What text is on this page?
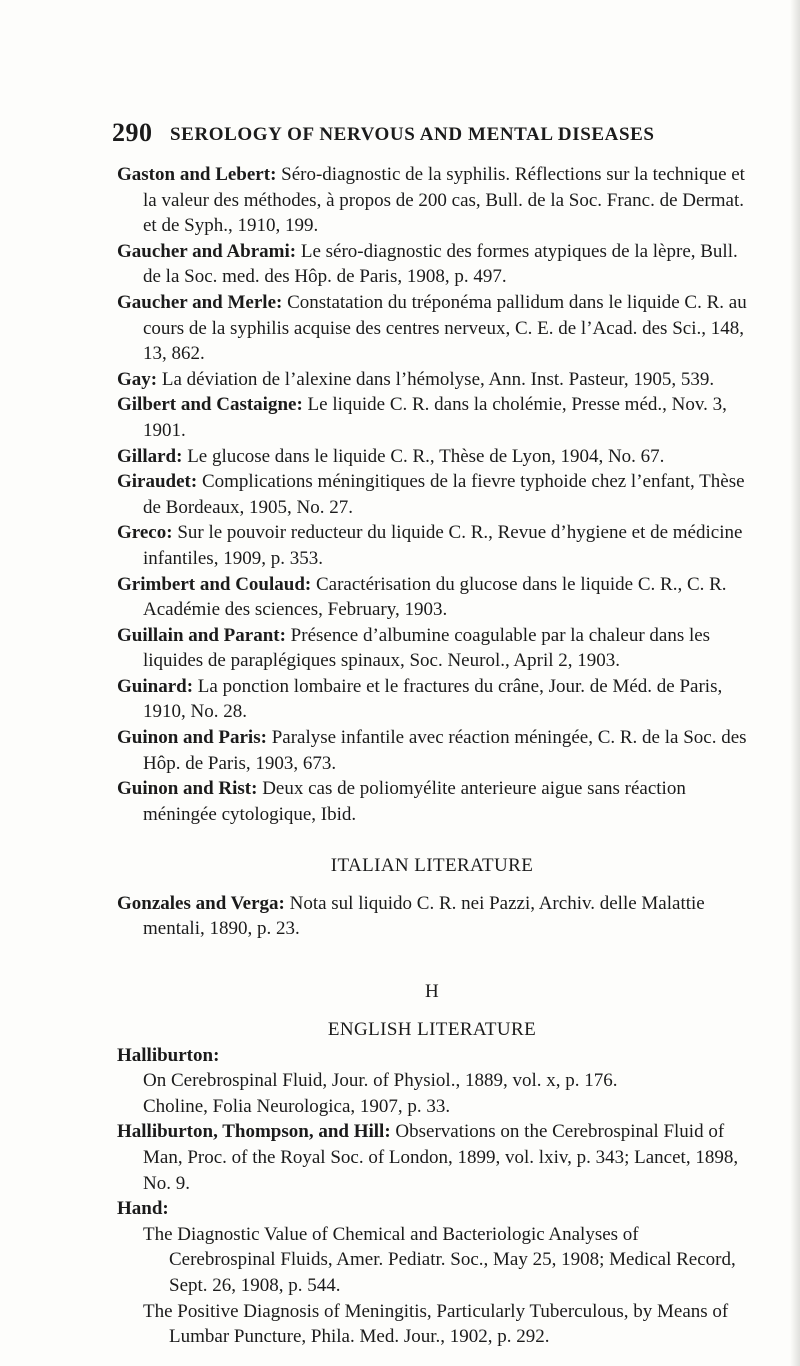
290 SEROLOGY OF NERVOUS AND MENTAL DISEASES
Gaston and Lebert: Séro-diagnostic de la syphilis. Réflections sur la technique et la valeur des méthodes, à propos de 200 cas, Bull. de la Soc. Franc. de Dermat. et de Syph., 1910, 199.
Gaucher and Abrami: Le séro-diagnostic des formes atypiques de la lèpre, Bull. de la Soc. med. des Hôp. de Paris, 1908, p. 497.
Gaucher and Merle: Constatation du tréponéma pallidum dans le liquide C. R. au cours de la syphilis acquise des centres nerveux, C. E. de l’Acad. des Sci., 148, 13, 862.
Gay: La déviation de l’alexine dans l’hémolyse, Ann. Inst. Pasteur, 1905, 539.
Gilbert and Castaigne: Le liquide C. R. dans la cholémie, Presse méd., Nov. 3, 1901.
Gillard: Le glucose dans le liquide C. R., Thèse de Lyon, 1904, No. 67.
Giraudet: Complications méningitiques de la fievre typhoide chez l’enfant, Thèse de Bordeaux, 1905, No. 27.
Greco: Sur le pouvoir reducteur du liquide C. R., Revue d’hygiene et de médicine infantiles, 1909, p. 353.
Grimbert and Coulaud: Caractérisation du glucose dans le liquide C. R., C. R. Académie des sciences, February, 1903.
Guillain and Parant: Présence d’albumine coagulable par la chaleur dans les liquides de paraplégiques spinaux, Soc. Neurol., April 2, 1903.
Guinard: La ponction lombaire et le fractures du crâne, Jour. de Méd. de Paris, 1910, No. 28.
Guinon and Paris: Paralyse infantile avec réaction méningée, C. R. de la Soc. des Hôp. de Paris, 1903, 673.
Guinon and Rist: Deux cas de poliomyélite anterieure aigue sans réaction méningée cytologique, Ibid.
ITALIAN LITERATURE
Gonzales and Verga: Nota sul liquido C. R. nei Pazzi, Archiv. delle Malattie mentali, 1890, p. 23.
H
ENGLISH LITERATURE
Halliburton:
On Cerebrospinal Fluid, Jour. of Physiol., 1889, vol. x, p. 176.
Choline, Folia Neurologica, 1907, p. 33.
Halliburton, Thompson, and Hill: Observations on the Cerebrospinal Fluid of Man, Proc. of the Royal Soc. of London, 1899, vol. lxiv, p. 343; Lancet, 1898, No. 9.
Hand:
The Diagnostic Value of Chemical and Bacteriologic Analyses of Cerebrospinal Fluids, Amer. Pediatr. Soc., May 25, 1908; Medical Record, Sept. 26, 1908, p. 544.
The Positive Diagnosis of Meningitis, Particularly Tuberculous, by Means of Lumbar Puncture, Phila. Med. Jour., 1902, p. 292.
